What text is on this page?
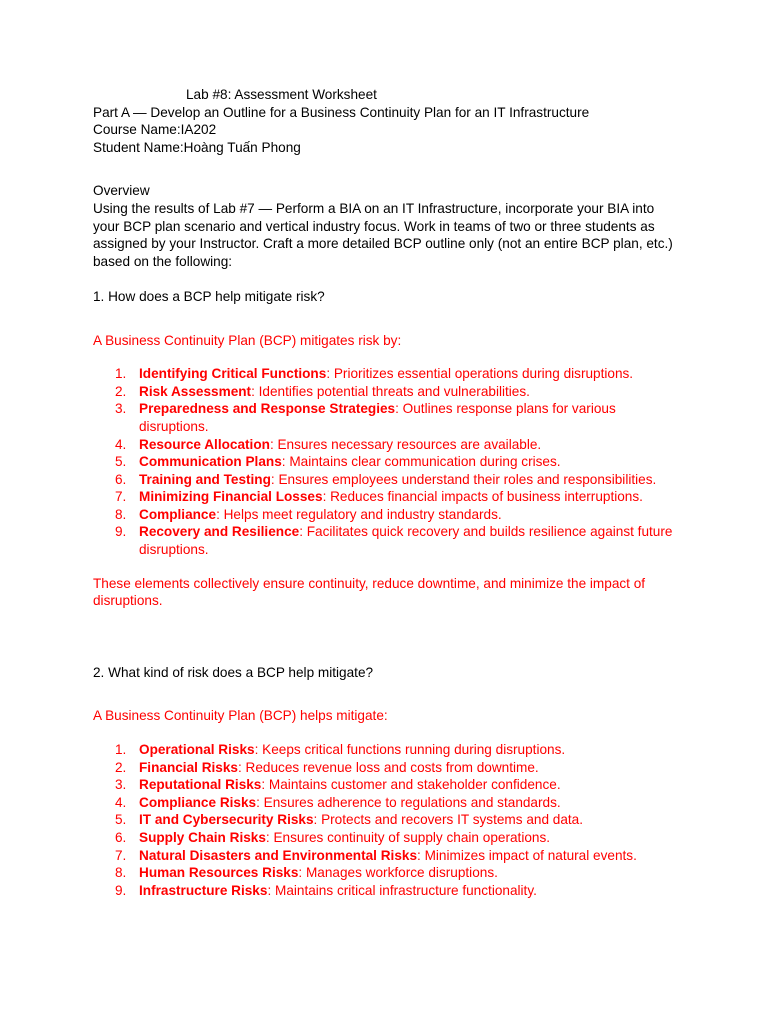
Lab #8: Assessment Worksheet

Part A — Develop an Outline for a Business Continuity Plan for an IT Infrastructure

Course Name:IA202

Student Name:Hoàng Tuấn Phong

Overview

Using the results of Lab #7 — Perform a BIA on an IT Infrastructure, incorporate your BIA into your BCP plan scenario and vertical industry focus. Work in teams of two or three students as assigned by your Instructor. Craft a more detailed BCP outline only (not an entire BCP plan, etc.) based on the following:

1. How does a BCP help mitigate risk?

A Business Continuity Plan (BCP) mitigates risk by:

1. Identifying Critical Functions: Prioritizes essential operations during disruptions.
2. Risk Assessment: Identifies potential threats and vulnerabilities.
3. Preparedness and Response Strategies: Outlines response plans for various disruptions.
4. Resource Allocation: Ensures necessary resources are available.
5. Communication Plans: Maintains clear communication during crises.
6. Training and Testing: Ensures employees understand their roles and responsibilities.
7. Minimizing Financial Losses: Reduces financial impacts of business interruptions.
8. Compliance: Helps meet regulatory and industry standards.
9. Recovery and Resilience: Facilitates quick recovery and builds resilience against future disruptions.

These elements collectively ensure continuity, reduce downtime, and minimize the impact of disruptions.

2. What kind of risk does a BCP help mitigate?

A Business Continuity Plan (BCP) helps mitigate:

1. Operational Risks: Keeps critical functions running during disruptions.
2. Financial Risks: Reduces revenue loss and costs from downtime.
3. Reputational Risks: Maintains customer and stakeholder confidence.
4. Compliance Risks: Ensures adherence to regulations and standards.
5. IT and Cybersecurity Risks: Protects and recovers IT systems and data.
6. Supply Chain Risks: Ensures continuity of supply chain operations.
7. Natural Disasters and Environmental Risks: Minimizes impact of natural events.
8. Human Resources Risks: Manages workforce disruptions.
9. Infrastructure Risks: Maintains critical infrastructure functionality.
